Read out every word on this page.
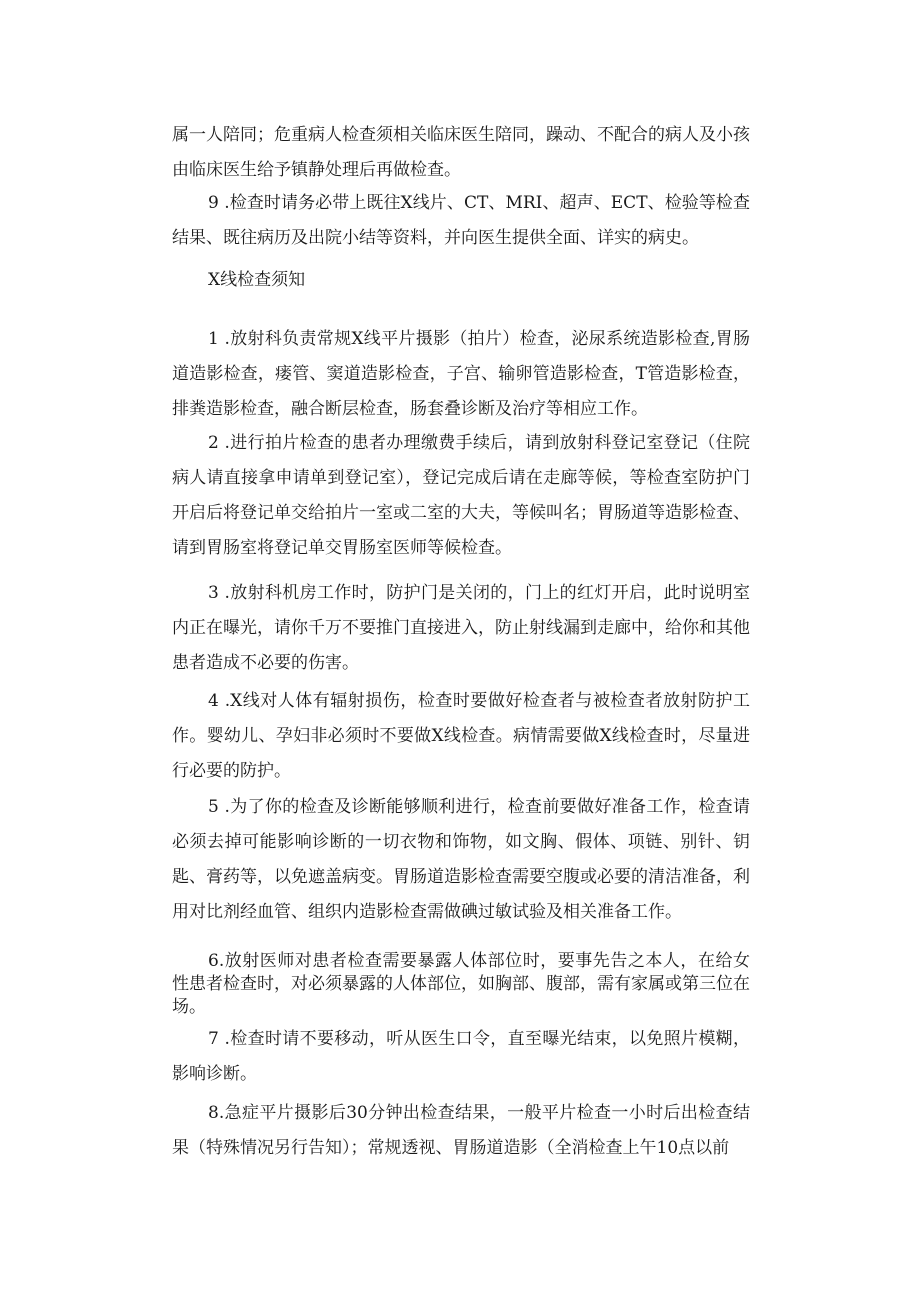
属一人陪同；危重病人检查须相关临床医生陪同，躁动、不配合的病人及小孩由临床医生给予镇静处理后再做检查。

9 .检查时请务必带上既往X线片、CT、MRI、超声、ECT、检验等检查结果、既往病历及出院小结等资料，并向医生提供全面、详实的病史。

X线检查须知

1 .放射科负责常规X线平片摄影（拍片）检查，泌尿系统造影检查,胃肠道造影检查，瘘管、窦道造影检查，子宫、输卵管造影检查，T管造影检查，排粪造影检查，融合断层检查，肠套叠诊断及治疗等相应工作。

2 .进行拍片检查的患者办理缴费手续后，请到放射科登记室登记（住院病人请直接拿申请单到登记室），登记完成后请在走廊等候，等检查室防护门开启后将登记单交给拍片一室或二室的大夫，等候叫名；胃肠道等造影检查、请到胃肠室将登记单交胃肠室医师等候检查。

3 .放射科机房工作时，防护门是关闭的，门上的红灯开启，此时说明室内正在曝光，请你千万不要推门直接进入，防止射线漏到走廊中，给你和其他患者造成不必要的伤害。

4 .X线对人体有辐射损伤，检查时要做好检查者与被检查者放射防护工作。婴幼儿、孕妇非必须时不要做X线检查。病情需要做X线检查时，尽量进行必要的防护。

5 .为了你的检查及诊断能够顺利进行，检查前要做好准备工作，检查请必须去掉可能影响诊断的一切衣物和饰物，如文胸、假体、项链、别针、钥匙、膏药等，以免遮盖病变。胃肠道造影检查需要空腹或必要的清洁准备，利用对比剂经血管、组织内造影检查需做碘过敏试验及相关准备工作。

6.放射医师对患者检查需要暴露人体部位时，要事先告之本人，在给女性患者检查时，对必须暴露的人体部位，如胸部、腹部，需有家属或第三位在场。

7 .检查时请不要移动，听从医生口令，直至曝光结束，以免照片模糊，影响诊断。

8.急症平片摄影后30分钟出检查结果，一般平片检查一小时后出检查结果（特殊情况另行告知）；常规透视、胃肠道造影（全消检查上午10点以前
